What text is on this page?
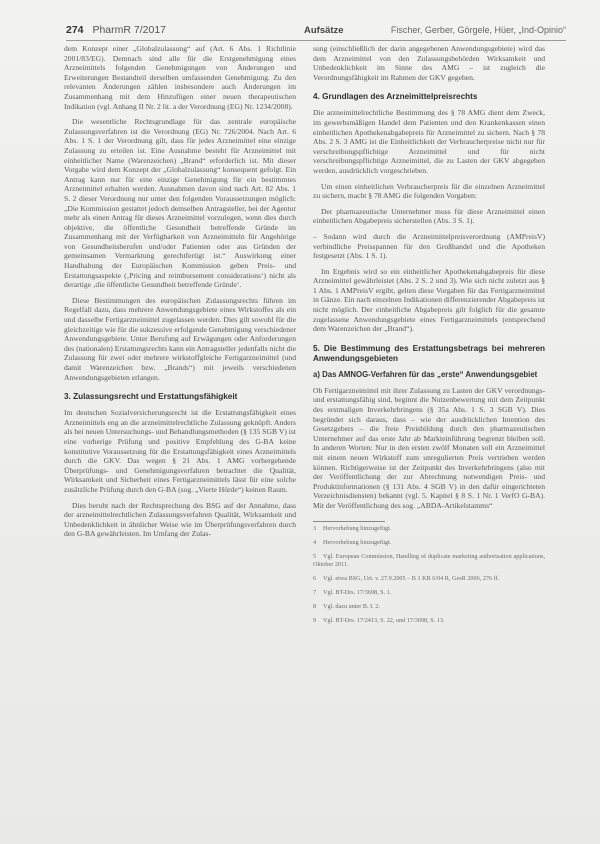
274 PharmR 7/2017	Aufsätze	Fischer, Gerber, Görgele, Hüer, „Ind-Opinio“

dem Konzept einer „Globalzulassung“ auf (Art. 6 Abs. 1 Richtlinie 2001/83/EG). Demnach sind alle für die Erstgenehmigung eines Arzneimittels folgenden Genehmigungen von Änderungen und Erweiterungen Bestandteil derselben umfassenden Genehmigung. Zu den relevanten Änderungen zählen insbesondere auch Änderungen im Zusammenhang mit dem Hinzufügen einer neuen therapeutischen Indikation (vgl. Anhang II Nr. 2 lit. a der Verordnung (EG) Nr. 1234/2008).

Die wesentliche Rechtsgrundlage für das zentrale europäische Zulassungsverfahren ist die Verordnung (EG) Nr. 726/2004. Nach Art. 6 Abs. 1 S. 1 der Verordnung gilt, dass für jedes Arzneimittel eine einzige Zulassung zu erteilen ist. Eine Ausnahme besteht für Arzneimittel mit einheitlicher Name (Warenzeichen) „Brand“ erforderlich ist. Mit dieser Vorgabe wird dem Konzept der „Globalzulassung“ konsequent gefolgt. Ein Antrag kann nur für eine einzige Genehmigung für ein bestimmtes Arzneimittel erhalten werden. Ausnahmen davon sind nach Art. 82 Abs. 1 S. 2 dieser Verordnung nur unter den folgenden Voraussetzungen möglich: „Die Kommission gestattet jedoch demselben Antragsteller, bei der Agentur mehr als einen Antrag für dieses Arzneimittel vorzulegen, wenn dies durch objektive, die öffentliche Gesundheit betreffende Gründe im Zusammenhang mit der Verfügbarkeit von Arzneimitteln für Angehörige von Gesundheitsberufen und/oder Patienten oder aus Gründen der gemeinsamen Vermarktung gerechtfertigt ist.“ Auswirkung einer Handhabung der Europäischen Kommission geben Preis- und Erstattungsaspekte (‚Pricing and reimbursement considerations‘) nicht als derartige ‚die öffentliche Gesundheit betreffende Gründe‘.

Diese Bestimmungen des europäischen Zulassungsrechts führen im Regelfall dazu, dass mehrere Anwendungsgebiete eines Wirkstoffes als ein und dasselbe Fertigarzneimittel zugelassen werden. Dies gilt sowohl für die gleichzeitige wie für die sukzessive erfolgende Genehmigung verschiedener Anwendungsgebiete. Unter Berufung auf Erwägungen oder Anforderungen des (nationalen) Erstattungsrechts kann ein Antragsteller jedenfalls nicht die Zulassung für zwei oder mehrere wirkstoffgleiche Fertigarzneimittel (und damit Warenzeichen bzw. „Brands“) mit jeweils verschiedenen Anwendungsgebieten erlangen.

3. Zulassungsrecht und Erstattungsfähigkeit

Im deutschen Sozialversicherungsrecht ist die Erstattungsfähigkeit eines Arzneimittels eng an die arzneimittelrechtliche Zulassung geknüpft. Anders als bei neuen Untersuchungs- und Behandlungsmethoden (§ 135 SGB V) ist eine vorherige Prüfung und positive Empfehlung des G-BA keine konstitutive Voraussetzung für die Erstattungsfähigkeit eines Arzneimittels durch die GKV. Das wegen § 21 Abs. 1 AMG vorhergehende Überprüfungs- und Genehmigungsverfahren betrachtet die Qualität, Wirksamkeit und Sicherheit eines Fertigarzneimittels lässt für eine solche zusätzliche Prüfung durch den G-BA (sog. „Vierte Hürde“) keinen Raum.

Dies beruht nach der Rechtsprechung des BSG auf der Annahme, dass der arzneimittelrechtlichen Zulassungsverfahren Qualität, Wirksamkeit und Unbedenklichkeit in ähnlicher Weise wie im Überprüfungsverfahren durch den G-BA gewährleisten. Im Umfang der Zulas-

sung (einschließlich der darin angegebenen Anwendungsgebiete) wird das dem Arzneimittel von den Zulassungsbehörden Wirksamkeit und Unbedenklichkeit im Sinne des AMG – ist zugleich die Verordnungsfähigkeit im Rahmen der GKV gegeben.

4. Grundlagen des Arzneimittelpreisrechts

Die arzneimittelrechtliche Bestimmung des § 78 AMG dient dem Zweck, im gewerbsmäßigen Handel dem Patienten und den Krankenkassen einen einheitlichen Apothekenabgabepreis für Arzneimittel zu sichern. Nach § 78 Abs. 2 S. 3 AMG ist die Einheitlichkeit der Verbraucherpreise nicht nur für verschreibungspflichtige Arzneimittel und für nicht verschreibungspflichtige Arzneimittel, die zu Lasten der GKV abgegeben werden, ausdrücklich vorgeschrieben.

Um einen einheitlichen Verbraucherpreis für die einzelnen Arzneimittel zu sichern, macht § 78 AMG die folgenden Vorgaben:

Der pharmazeutische Unternehmer muss für diese Arzneimittel einen einheitlichen Abgabepreis sicherstellen (Abs. 3 S. 1).

– Sodann wird durch die Arzneimittelpreisverordnung (AMPreisV) verbindliche Preisspannen für den Großhandel und die Apotheken festgesetzt (Abs. 1 S. 1).

Im Ergebnis wird so ein einheitlicher Apothekenabgabepreis für diese Arzneimittel gewährleistet (Abs. 2 S. 2 und 3). Wie sich nicht zuletzt aus § 1 Abs. 1 AMPreisV ergibt, gelten diese Vorgaben für das Fertigarzneimittel in Gänze. Ein nach einzelnen Indikationen differenzierender Abgabepreis ist nicht möglich. Der einheitliche Abgabepreis gilt folglich für die gesamte zugelassene Anwendungsgebiete eines Fertigarzneimittels (entsprechend dem Warenzeichen der „Brand“).

5. Die Bestimmung des Erstattungsbetrags bei mehreren Anwendungsgebieten
a) Das AMNOG-Verfahren für das „erste“ Anwendungsgebiet

Ob Fertigarzneimittel mit ihrer Zulassung zu Lasten der GKV verordnungs- und erstattungsfähig sind, beginnt die Nutzenbewertung mit dem Zeitpunkt des erstmaligen Inverkehrbringens (§ 35a Abs. 1 S. 3 SGB V). Dies begründet sich daraus, dass – wie der ausdrücklichen Intention des Gesetzgebers – die freie Preisbildung durch den pharmazeutischen Unternehmer auf das erste Jahr ab Markteinführung begrenzt bleiben soll. In anderen Worten: Nur in den ersten zwölf Monaten soll ein Arzneimittel mit einem neuen Wirkstoff zum unregulierten Preis vertrieben werden können. Richtigerweise ist der Zeitpunkt des Inverkehrbringens (also mit der Veröffentlichung der zur Abrechnung notwendigen Preis- und Produktinformationen (§ 131 Abs. 4 SGB V) in den dafür eingerichteten Verzeichnisdiensten) bekannt (vgl. 5. Kapitel § 8 S. 1 Nr. 1 VerfO G-BA). Mit der Veröffentlichung des sog. „ABDA-Artikelstamms“

3 Hervorhebung hinzugefügt.

4 Hervorhebung hinzugefügt.

5 Vgl. European Commission, Handling of duplicate marketing authorisation applications, Oktober 2011.

6 Vgl. etwa BSG, Urt. v. 27.9.2005 – B 1 KR 6/04 R, GesR 2006, 276 ff.

7 Vgl. BT-Drs. 17/3698, S. 1.

8 Vgl. dazu unter B. I. 2.

9 Vgl. BT-Drs. 17/2413, S. 22, und 17/3698, S. 13.
